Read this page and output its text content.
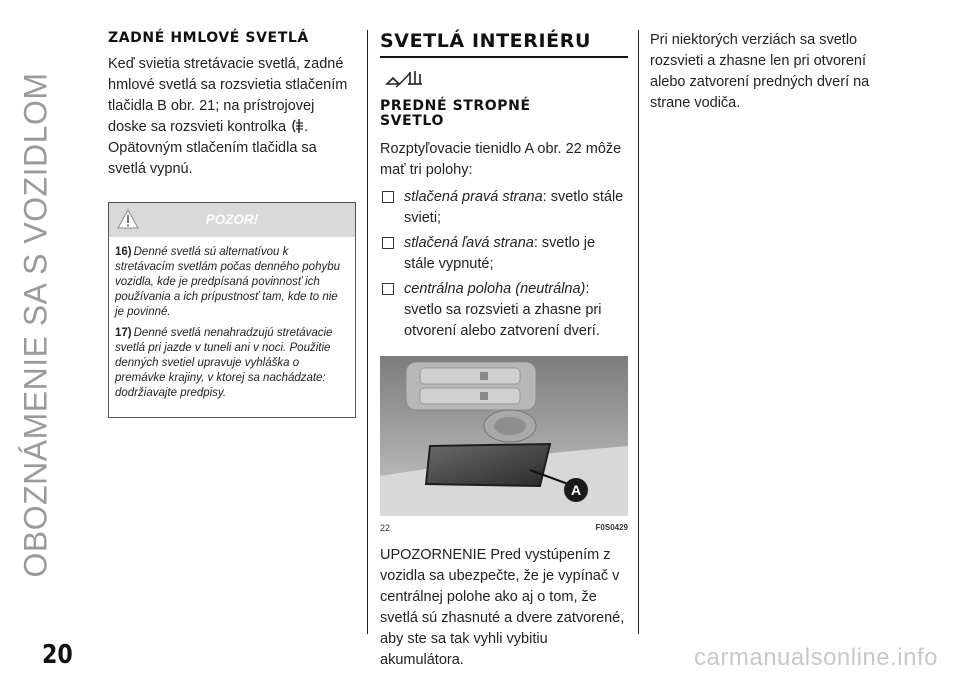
OBOZNÁMENIE SA S VOZIDLOM
20
ZADNÉ HMLOVÉ SVETLÁ

Keď svietia stretávacie svetlá, zadné hmlové svetlá sa rozsvietia stlačením tlačidla B obr. 21; na prístrojovej doske sa rozsvieti kontrolka .

Opätovným stlačením tlačidla sa svetlá vypnú.

POZOR!
16) Denné svetlá sú alternatívou k stretávacím svetlám počas denného pohybu vozidla, kde je predpísaná povinnosť ich používania a ich prípustnosť tam, kde to nie je povinné.
17) Denné svetlá nenahradzujú stretávacie svetlá pri jazde v tuneli ani v noci. Použitie denných svetiel upravuje vyhláška o premávke krajiny, v ktorej sa nachádzate: dodržiavajte predpisy.
SVETLÁ INTERIÉRU
PREDNÉ STROPNÉ SVETLO

Rozptyľovacie tienidlo A obr. 22 môže mať tri polohy:

stlačená pravá strana: svetlo stále svieti;

stlačená ľavá strana: svetlo je stále vypnuté;

centrálna poloha (neutrálna): svetlo sa rozsvieti a zhasne pri otvorení alebo zatvorení dverí.

A
22	F0S0429

UPOZORNENIE Pred vystúpením z vozidla sa ubezpečte, že je vypínač v centrálnej polohe ako aj o tom, že svetlá sú zhasnuté a dvere zatvorené, aby ste sa tak vyhli vybitiu akumulátora.

Pri niektorých verziách sa svetlo rozsvieti a zhasne len pri otvorení alebo zatvorení predných dverí na strane vodiča.

carmanualsonline.info
